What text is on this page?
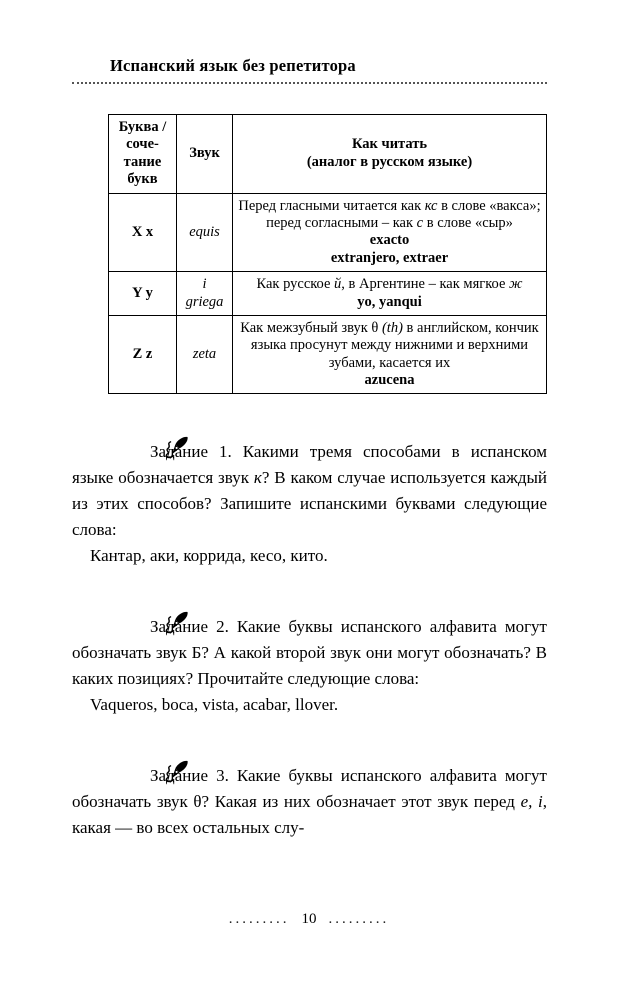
Испанский язык без репетитора
Буква / соче-тание букв	Звук	Как читать
(аналог в русском языке)
X x	equis	Перед гласными читается как кс в слове «вакса»;
перед согласными – как с в слове «сыр»
exacto
extranjero, extraer

Y y	i griega	Как русское й, в Аргентине – как мягкое ж
yo, yanqui

Z z	zeta	Как межзубный звук θ (th) в английском, кончик языка просунут между нижними и верхними зубами, касается их
azucena

Задание 1. Какими тремя способами в испанском языке обозначается звук к? В каком случае используется каждый из этих способов? Запишите испанскими буквами следующие слова:

Кантар, аки, коррида, кесо, кито.

Задание 2. Какие буквы испанского алфавита могут обозначать звук Б? А какой второй звук они могут обозначать? В каких позициях? Прочитайте следующие слова:

Vaqueros, boca, vista, acabar, llover.

Задание 3. Какие буквы испанского алфавита могут обозначать звук θ? Какая из них обозначает этот звук перед e, i, какая — во всех остальных слу-

......... 10 .........
